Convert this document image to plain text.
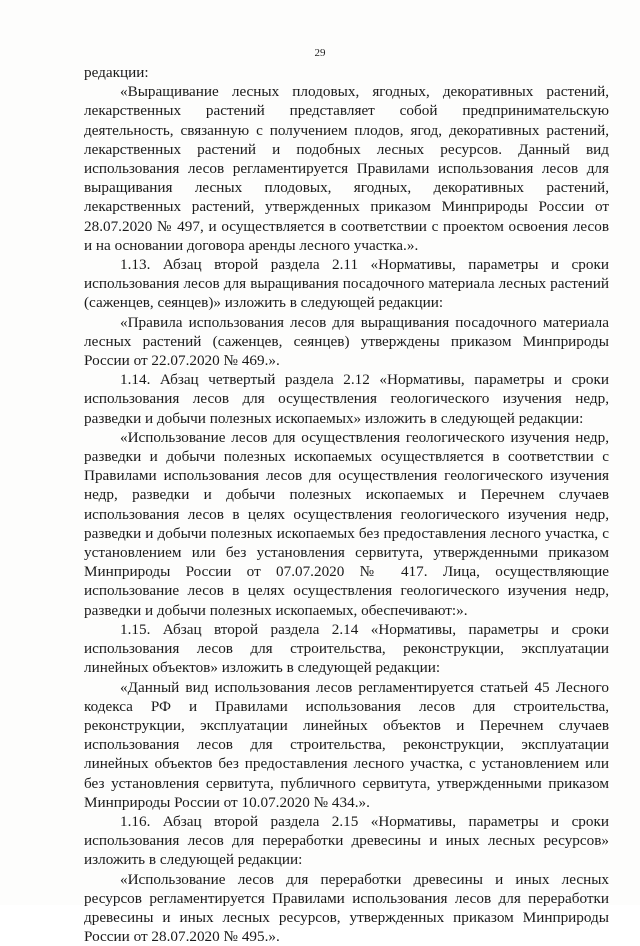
29

редакции:

«Выращивание лесных плодовых, ягодных, декоративных растений, лекарственных растений представляет собой предпринимательскую деятельность, связанную с получением плодов, ягод, декоративных растений, лекарственных растений и подобных лесных ресурсов. Данный вид использования лесов регламентируется Правилами использования лесов для выращивания лесных плодовых, ягодных, декоративных растений, лекарственных растений, утвержденных приказом Минприроды России от 28.07.2020 № 497, и осуществляется в соответствии с проектом освоения лесов и на основании договора аренды лесного участка.».

1.13. Абзац второй раздела 2.11 «Нормативы, параметры и сроки использования лесов для выращивания посадочного материала лесных растений (саженцев, сеянцев)» изложить в следующей редакции:

«Правила использования лесов для выращивания посадочного материала лесных растений (саженцев, сеянцев) утверждены приказом Минприроды России от 22.07.2020 № 469.».

1.14. Абзац четвертый раздела 2.12 «Нормативы, параметры и сроки использования лесов для осуществления геологического изучения недр, разведки и добычи полезных ископаемых» изложить в следующей редакции:

«Использование лесов для осуществления геологического изучения недр, разведки и добычи полезных ископаемых осуществляется в соответствии с Правилами использования лесов для осуществления геологического изучения недр, разведки и добычи полезных ископаемых и Перечнем случаев использования лесов в целях осуществления геологического изучения недр, разведки и добычи полезных ископаемых без предоставления лесного участка, с установлением или без установления сервитута, утвержденными приказом Минприроды России от 07.07.2020 № 417. Лица, осуществляющие использование лесов в целях осуществления геологического изучения недр, разведки и добычи полезных ископаемых, обеспечивают:».

1.15. Абзац второй раздела 2.14 «Нормативы, параметры и сроки использования лесов для строительства, реконструкции, эксплуатации линейных объектов» изложить в следующей редакции:

«Данный вид использования лесов регламентируется статьей 45 Лесного кодекса РФ и Правилами использования лесов для строительства, реконструкции, эксплуатации линейных объектов и Перечнем случаев использования лесов для строительства, реконструкции, эксплуатации линейных объектов без предоставления лесного участка, с установлением или без установления сервитута, публичного сервитута, утвержденными приказом Минприроды России от 10.07.2020 № 434.».

1.16. Абзац второй раздела 2.15 «Нормативы, параметры и сроки использования лесов для переработки древесины и иных лесных ресурсов» изложить в следующей редакции:

«Использование лесов для переработки древесины и иных лесных ресурсов регламентируется Правилами использования лесов для переработки древесины и иных лесных ресурсов, утвержденных приказом Минприроды России от 28.07.2020 № 495.».
